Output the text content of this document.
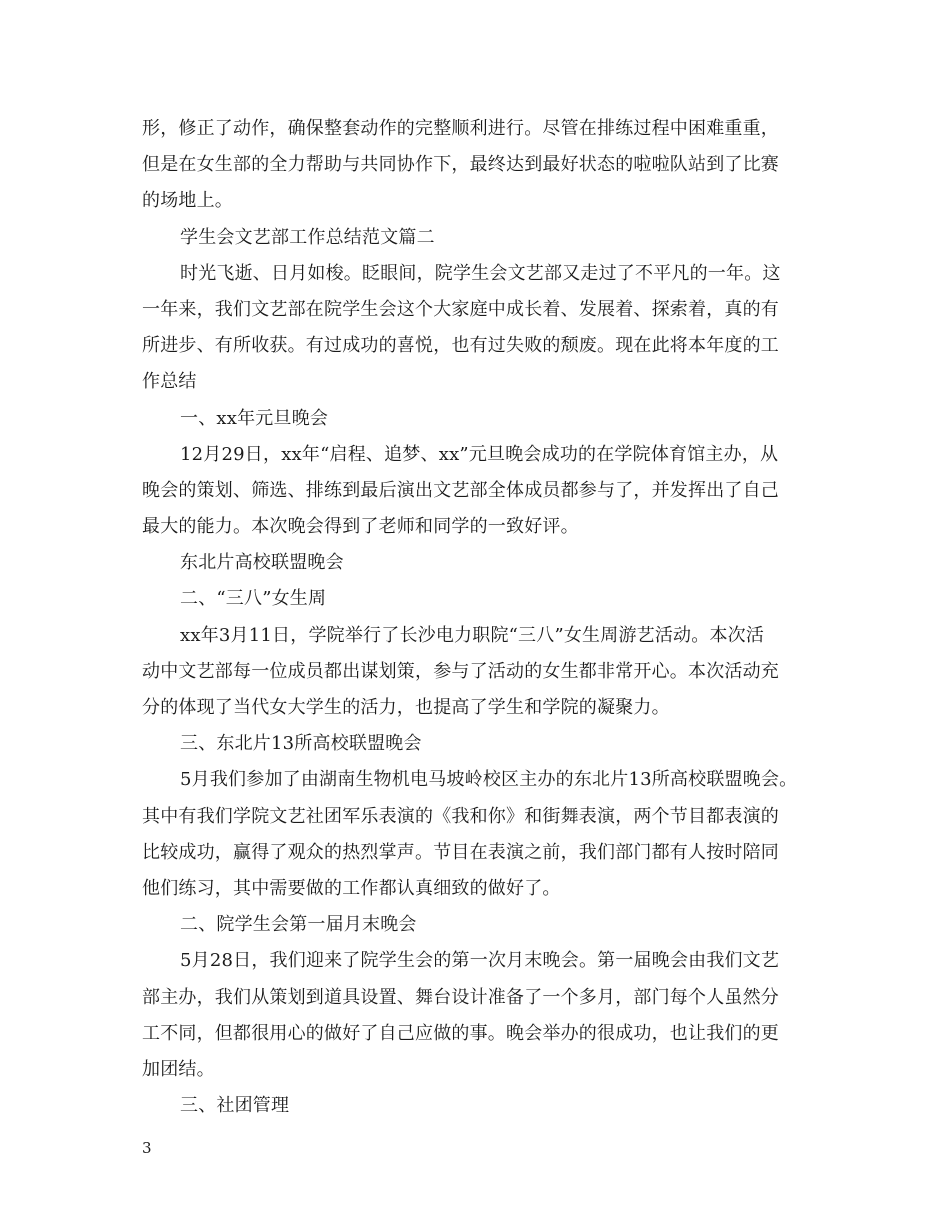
形，修正了动作，确保整套动作的完整顺利进行。尽管在排练过程中困难重重，
但是在女生部的全力帮助与共同协作下，最终达到最好状态的啦啦队站到了比赛
的场地上。
学生会文艺部工作总结范文篇二
时光飞逝、日月如梭。眨眼间，院学生会文艺部又走过了不平凡的一年。这
一年来，我们文艺部在院学生会这个大家庭中成长着、发展着、探索着，真的有
所进步、有所收获。有过成功的喜悦，也有过失败的颓废。现在此将本年度的工
作总结
一、xx年元旦晚会
12月29日，xx年“启程、追梦、xx”元旦晚会成功的在学院体育馆主办，从
晚会的策划、筛选、排练到最后演出文艺部全体成员都参与了，并发挥出了自己
最大的能力。本次晚会得到了老师和同学的一致好评。
东北片高校联盟晚会
二、“三八”女生周
xx年3月11日，学院举行了长沙电力职院“三八”女生周游艺活动。本次活
动中文艺部每一位成员都出谋划策，参与了活动的女生都非常开心。本次活动充
分的体现了当代女大学生的活力，也提高了学生和学院的凝聚力。
三、东北片13所高校联盟晚会
5月我们参加了由湖南生物机电马坡岭校区主办的东北片13所高校联盟晚会。
其中有我们学院文艺社团军乐表演的《我和你》和街舞表演，两个节目都表演的
比较成功，赢得了观众的热烈掌声。节目在表演之前，我们部门都有人按时陪同
他们练习，其中需要做的工作都认真细致的做好了。
二、院学生会第一届月末晚会
5月28日，我们迎来了院学生会的第一次月末晚会。第一届晚会由我们文艺
部主办，我们从策划到道具设置、舞台设计准备了一个多月，部门每个人虽然分
工不同，但都很用心的做好了自己应做的事。晚会举办的很成功，也让我们的更
加团结。
三、社团管理
3
